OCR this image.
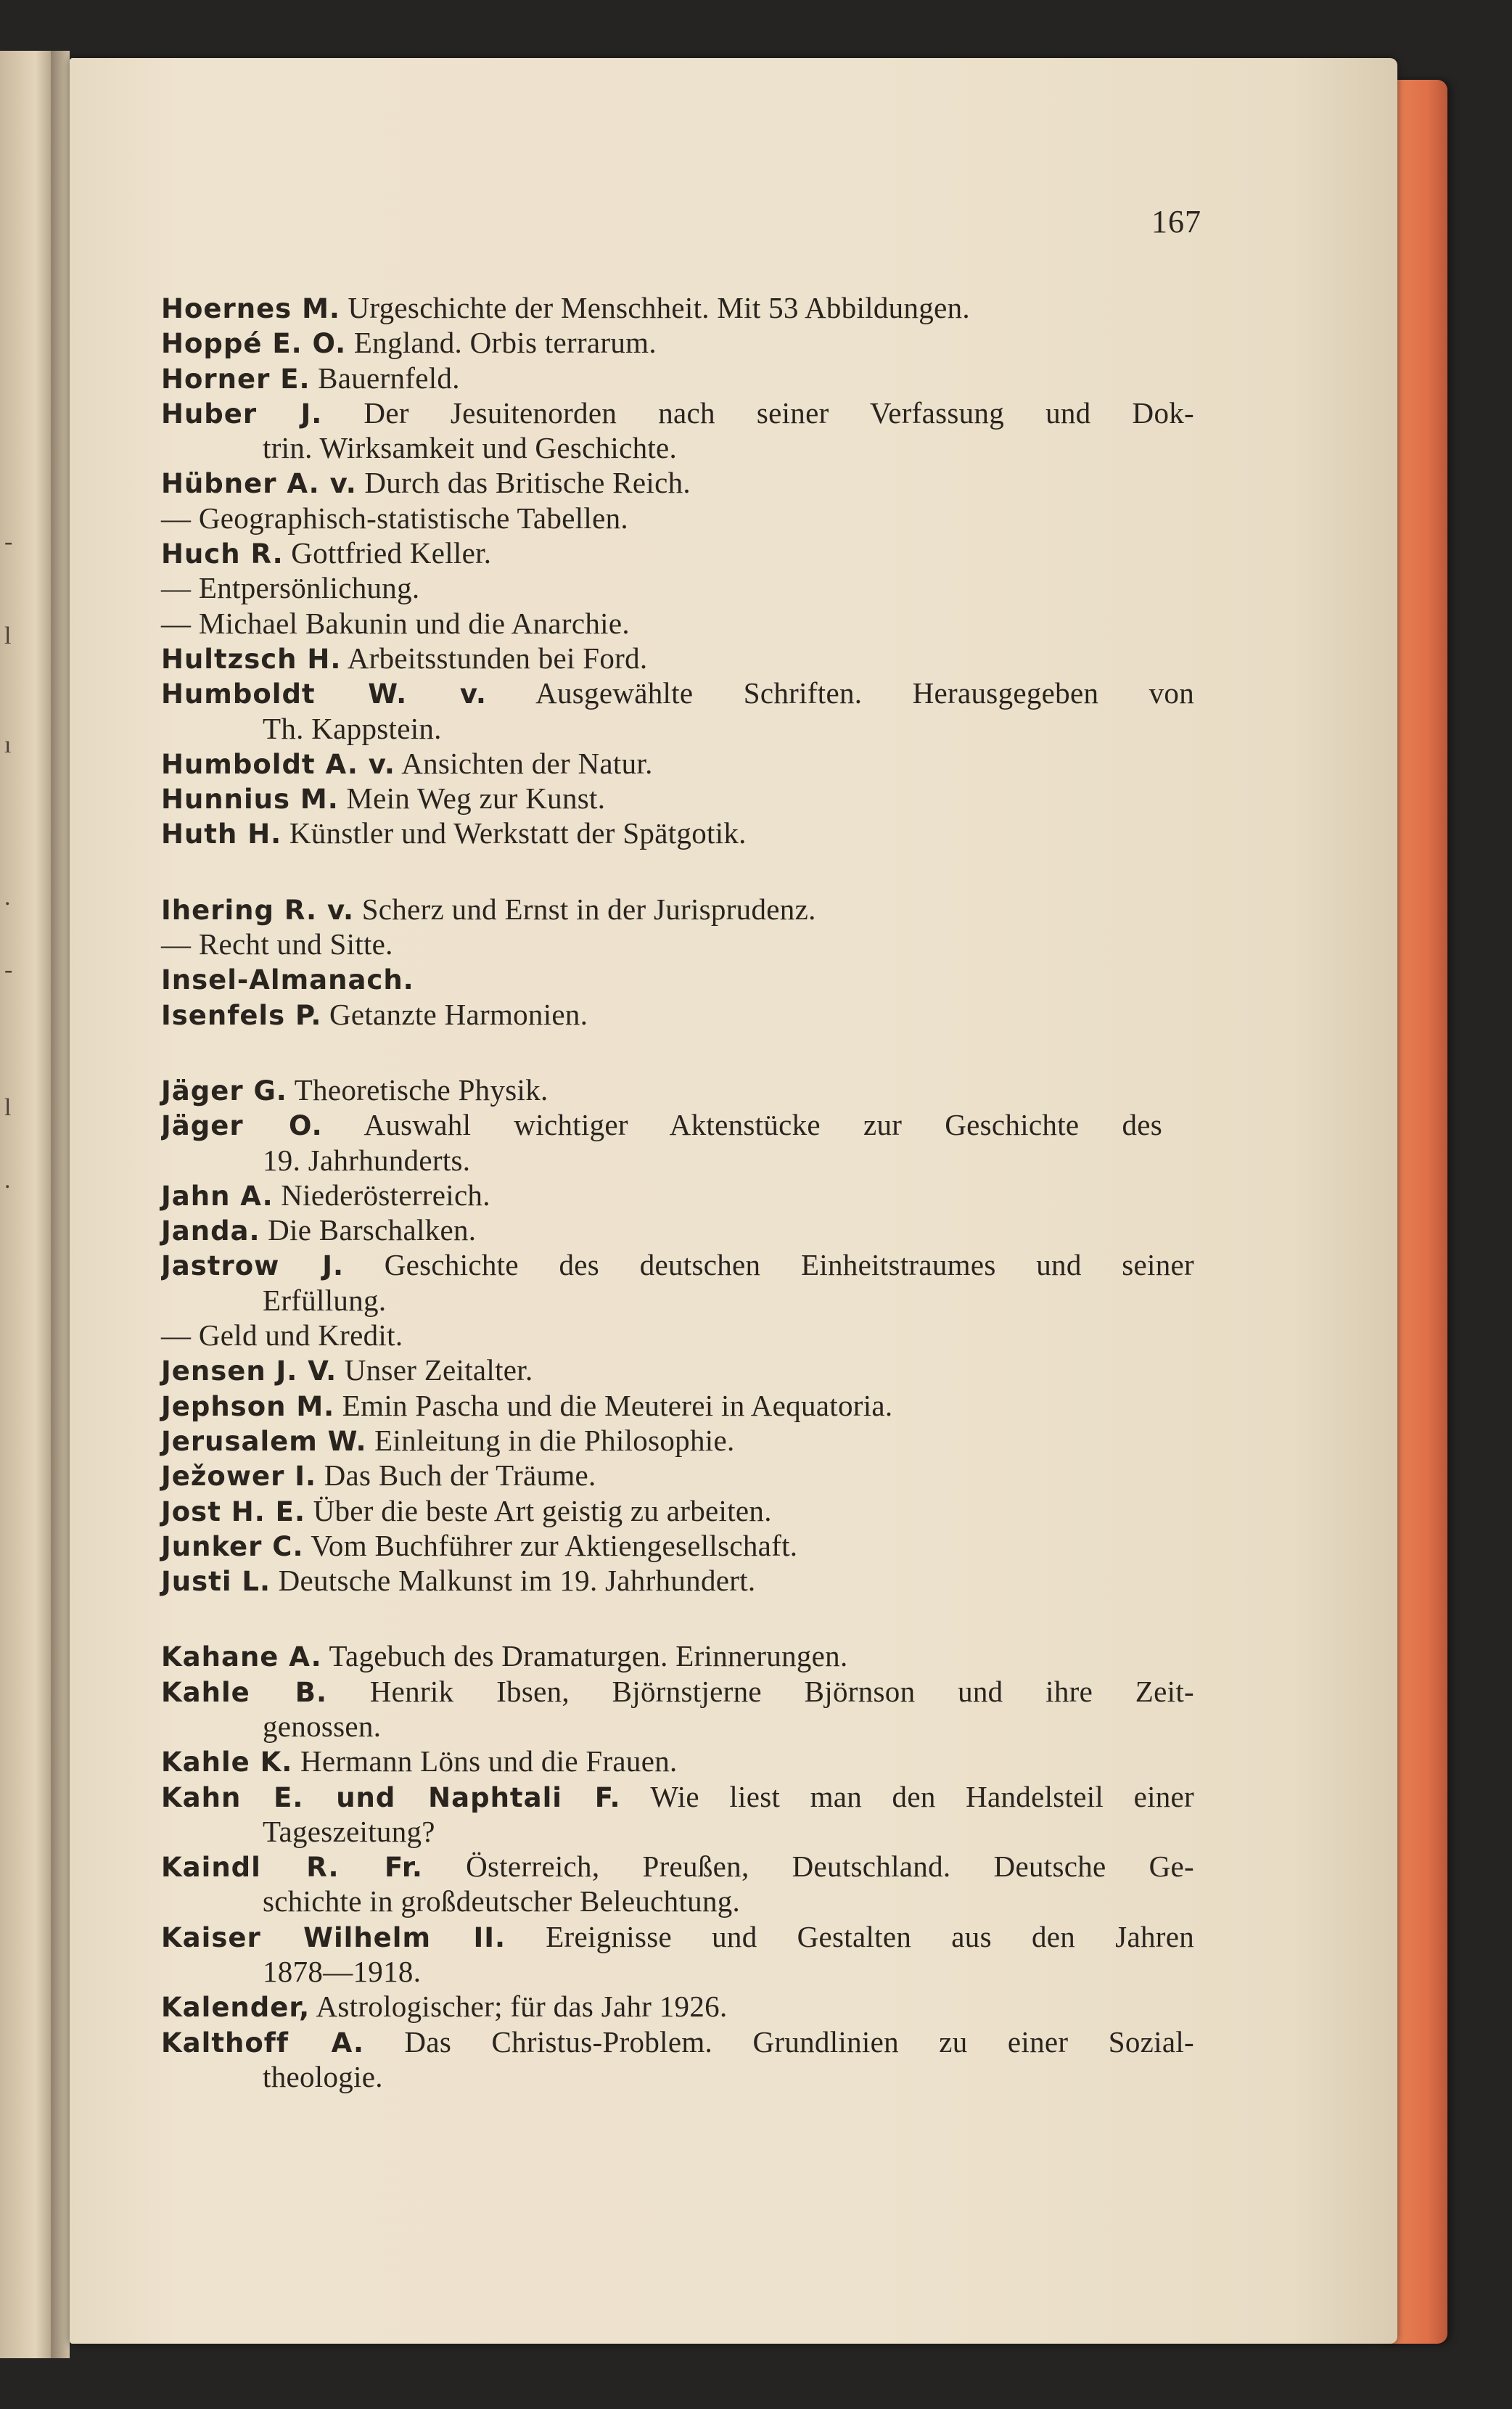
-
l
ı
.
-
l
.
167
Hoernes M. Urgeschichte der Menschheit. Mit 53 Abbildungen.
Hoppé E. O. England. Orbis terrarum.
Horner E. Bauernfeld.
Huber J. Der Jesuitenorden nach seiner Verfassung und Dok-
trin. Wirksamkeit und Geschichte.
Hübner A. v. Durch das Britische Reich.
— Geographisch-statistische Tabellen.
Huch R. Gottfried Keller.
— Entpersönlichung.
— Michael Bakunin und die Anarchie.
Hultzsch H. Arbeitsstunden bei Ford.
Humboldt W. v. Ausgewählte Schriften. Herausgegeben von
Th. Kappstein.
Humboldt A. v. Ansichten der Natur.
Hunnius M. Mein Weg zur Kunst.
Huth H. Künstler und Werkstatt der Spätgotik.
Ihering R. v. Scherz und Ernst in der Jurisprudenz.
— Recht und Sitte.
Insel-Almanach.
Isenfels P. Getanzte Harmonien.
Jäger G. Theoretische Physik.
Jäger O. Auswahl wichtiger Aktenstücke zur Geschichte des
19. Jahrhunderts.
Jahn A. Niederösterreich.
Janda. Die Barschalken.
Jastrow J. Geschichte des deutschen Einheitstraumes und seiner
Erfüllung.
— Geld und Kredit.
Jensen J. V. Unser Zeitalter.
Jephson M. Emin Pascha und die Meuterei in Aequatoria.
Jerusalem W. Einleitung in die Philosophie.
Ježower I. Das Buch der Träume.
Jost H. E. Über die beste Art geistig zu arbeiten.
Junker C. Vom Buchführer zur Aktiengesellschaft.
Justi L. Deutsche Malkunst im 19. Jahrhundert.
Kahane A. Tagebuch des Dramaturgen. Erinnerungen.
Kahle B. Henrik Ibsen, Björnstjerne Björnson und ihre Zeit-
genossen.
Kahle K. Hermann Löns und die Frauen.
Kahn E. und Naphtali F. Wie liest man den Handelsteil einer
Tageszeitung?
Kaindl R. Fr. Österreich, Preußen, Deutschland. Deutsche Ge-
schichte in großdeutscher Beleuchtung.
Kaiser Wilhelm II. Ereignisse und Gestalten aus den Jahren
1878—1918.
Kalender, Astrologischer; für das Jahr 1926.
Kalthoff A. Das Christus-Problem. Grundlinien zu einer Sozial-
theologie.
